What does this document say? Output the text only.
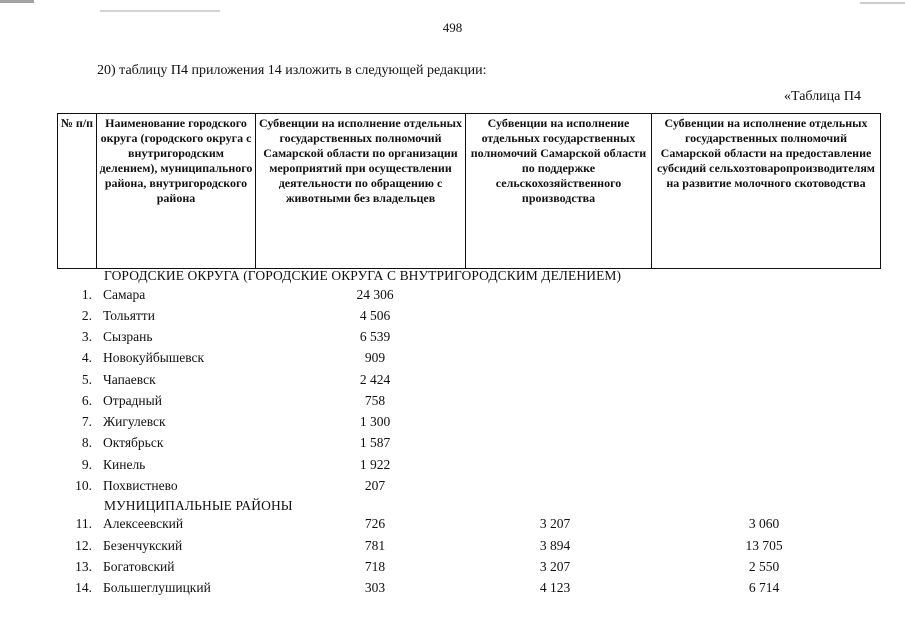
498
20) таблицу П4 приложения 14 изложить в следующей редакции:
«Таблица П4
№ п/п	Наименование городского округа (городского округа с внутригородским делением), муниципального района, внутригородского района	Субвенции на исполнение отдельных государственных полномочий Самарской области по организации мероприятий при осуществлении деятельности по обращению с животными без владельцев	Субвенции на исполнение отдельных государственных полномочий Самарской области по поддержке сельскохозяйственного производства	Субвенции на исполнение отдельных государственных полномочий Самарской области на предоставление субсидий сельхозтоваропроизводителям на развитие молочного скотоводства
ГОРОДСКИЕ ОКРУГА (ГОРОДСКИЕ ОКРУГА С ВНУТРИГОРОДСКИМ ДЕЛЕНИЕМ)
1. Самара	24 306
2. Тольятти	4 506
3. Сызрань	6 539
4. Новокуйбышевск	909
5. Чапаевск	2 424
6. Отрадный	758
7. Жигулевск	1 300
8. Октябрьск	1 587
9. Кинель	1 922
10. Похвистнево	207
МУНИЦИПАЛЬНЫЕ РАЙОНЫ
11. Алексеевский	726	3 207	3 060
12. Безенчукский	781	3 894	13 705
13. Богатовский	718	3 207	2 550
14. Большеглушицкий	303	4 123	6 714
